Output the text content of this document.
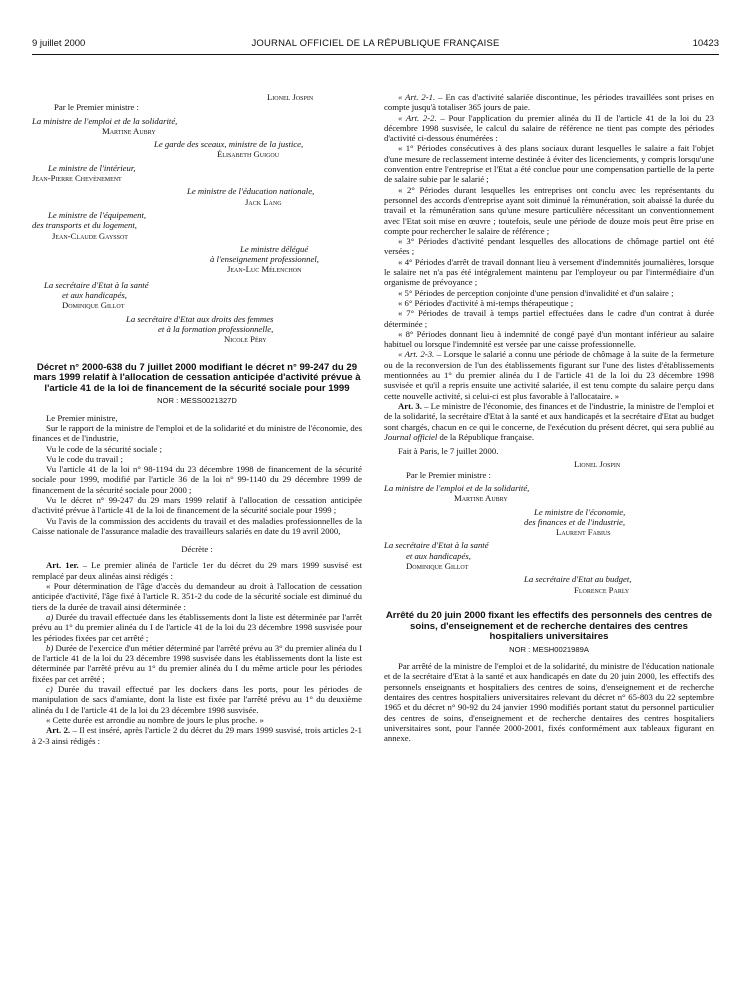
9 juillet 2000	JOURNAL OFFICIEL DE LA RÉPUBLIQUE FRANÇAISE	10423

Lionel Jospin

Par le Premier ministre :

La ministre de l'emploi et de la solidarité,

Martine Aubry

Le garde des sceaux, ministre de la justice,

Élisabeth Guigou

Le ministre de l'intérieur,

Jean-Pierre Chevènement

Le ministre de l'éducation nationale,

Jack Lang

Le ministre de l'équipement,

des transports et du logement,

Jean-Claude Gayssot

Le ministre délégué

à l'enseignement professionnel,

Jean-Luc Mélenchon

La secrétaire d'Etat à la santé

et aux handicapés,

Dominique Gillot

La secrétaire d'Etat aux droits des femmes

et à la formation professionnelle,

Nicole Péry

Décret n° 2000-638 du 7 juillet 2000 modifiant le décret n° 99-247 du 29 mars 1999 relatif à l'allocation de cessation anticipée d'activité prévue à l'article 41 de la loi de financement de la sécurité sociale pour 1999

NOR : MESS0021327D

Le Premier ministre,

Sur le rapport de la ministre de l'emploi et de la solidarité et du ministre de l'économie, des finances et de l'industrie,

Vu le code de la sécurité sociale ;

Vu le code du travail ;

Vu l'article 41 de la loi n° 98-1194 du 23 décembre 1998 de financement de la sécurité sociale pour 1999, modifié par l'article 36 de la loi n° 99-1140 du 29 décembre 1999 de financement de la sécurité sociale pour 2000 ;

Vu le décret n° 99-247 du 29 mars 1999 relatif à l'allocation de cessation anticipée d'activité prévue à l'article 41 de la loi de financement de la sécurité sociale pour 1999 ;

Vu l'avis de la commission des accidents du travail et des maladies professionnelles de la Caisse nationale de l'assurance maladie des travailleurs salariés en date du 19 avril 2000,

Décrète :

Art. 1er. – Le premier alinéa de l'article 1er du décret du 29 mars 1999 susvisé est remplacé par deux alinéas ainsi rédigés :

« Pour détermination de l'âge d'accès du demandeur au droit à l'allocation de cessation anticipée d'activité, l'âge fixé à l'article R. 351-2 du code de la sécurité sociale est diminué du tiers de la durée de travail ainsi déterminée :

a) Durée du travail effectuée dans les établissements dont la liste est déterminée par l'arrêt prévu au 1° du premier alinéa du I de l'article 41 de la loi du 23 décembre 1998 susvisée pour les périodes fixées par cet arrêté ;

b) Durée de l'exercice d'un métier déterminé par l'arrêté prévu au 3° du premier alinéa du I de l'article 41 de la loi du 23 décembre 1998 susvisée dans les établissements dont la liste est déterminée par l'arrêté prévu au 1° du premier alinéa du I du même article pour les périodes fixées par cet arrêté ;

c) Durée du travail effectué par les dockers dans les ports, pour les périodes de manipulation de sacs d'amiante, dont la liste est fixée par l'arrêté prévu au 1° du deuxième alinéa du I de l'article 41 de la loi du 23 décembre 1998 susvisée.

« Cette durée est arrondie au nombre de jours le plus proche. »

Art. 2. – Il est inséré, après l'article 2 du décret du 29 mars 1999 susvisé, trois articles 2-1 à 2-3 ainsi rédigés :

« Art. 2-1. – En cas d'activité salariée discontinue, les périodes travaillées sont prises en compte jusqu'à totaliser 365 jours de paie.

« Art. 2-2. – Pour l'application du premier alinéa du II de l'article 41 de la loi du 23 décembre 1998 susvisée, le calcul du salaire de référence ne tient pas compte des périodes d'activité ci-dessous énumérées :

« 1° Périodes consécutives à des plans sociaux durant lesquelles le salaire a fait l'objet d'une mesure de reclassement interne destinée à éviter des licenciements, y compris lorsqu'une convention entre l'entreprise et l'Etat a été conclue pour une compensation partielle de la perte de salaire subie par le salarié ;

« 2° Périodes durant lesquelles les entreprises ont conclu avec les représentants du personnel des accords d'entreprise ayant soit diminué la rémunération, soit abaissé la durée du travail et la rémunération sans qu'une mesure particulière nécessitant un conventionnement avec l'Etat soit mise en œuvre ; toutefois, seule une période de douze mois peut être prise en compte pour rechercher le salaire de référence ;

« 3° Périodes d'activité pendant lesquelles des allocations de chômage partiel ont été versées ;

« 4° Périodes d'arrêt de travail donnant lieu à versement d'indemnités journalières, lorsque le salaire net n'a pas été intégralement maintenu par l'employeur ou par l'intermédiaire d'un organisme de prévoyance ;

« 5° Périodes de perception conjointe d'une pension d'invalidité et d'un salaire ;

« 6° Périodes d'activité à mi-temps thérapeutique ;

« 7° Périodes de travail à temps partiel effectuées dans le cadre d'un contrat à durée déterminée ;

« 8° Périodes donnant lieu à indemnité de congé payé d'un montant inférieur au salaire habituel ou lorsque l'indemnité est versée par une caisse professionnelle.

« Art. 2-3. – Lorsque le salarié a connu une période de chômage à la suite de la fermeture ou de la reconversion de l'un des établissements figurant sur l'une des listes d'établissements mentionnées au 1° du premier alinéa du I de l'article 41 de la loi du 23 décembre 1998 susvisée et qu'il a repris ensuite une activité salariée, il est tenu compte du salaire perçu dans cette nouvelle activité, si celui-ci est plus favorable à l'allocataire. »

Art. 3. – Le ministre de l'économie, des finances et de l'industrie, la ministre de l'emploi et de la solidarité, la secrétaire d'Etat à la santé et aux handicapés et la secrétaire d'Etat au budget sont chargés, chacun en ce qui le concerne, de l'exécution du présent décret, qui sera publié au Journal officiel de la République française.

Fait à Paris, le 7 juillet 2000.

Lionel Jospin

Par le Premier ministre :

La ministre de l'emploi et de la solidarité,

Martine Aubry

Le ministre de l'économie,

des finances et de l'industrie,

Laurent Fabius

La secrétaire d'Etat à la santé

et aux handicapés,

Dominique Gillot

La secrétaire d'Etat au budget,

Florence Parly

Arrêté du 20 juin 2000 fixant les effectifs des personnels des centres de soins, d'enseignement et de recherche dentaires des centres hospitaliers universitaires

NOR : MESH0021989A

Par arrêté de la ministre de l'emploi et de la solidarité, du ministre de l'éducation nationale et de la secrétaire d'Etat à la santé et aux handicapés en date du 20 juin 2000, les effectifs des personnels enseignants et hospitaliers des centres de soins, d'enseignement et de recherche dentaires des centres hospitaliers universitaires relevant du décret n° 65-803 du 22 septembre 1965 et du décret n° 90-92 du 24 janvier 1990 modifiés portant statut du personnel particulier des centres de soins, d'enseignement et de recherche dentaires des centres hospitaliers universitaires sont, pour l'année 2000-2001, fixés conformément aux tableaux figurant en annexe.
